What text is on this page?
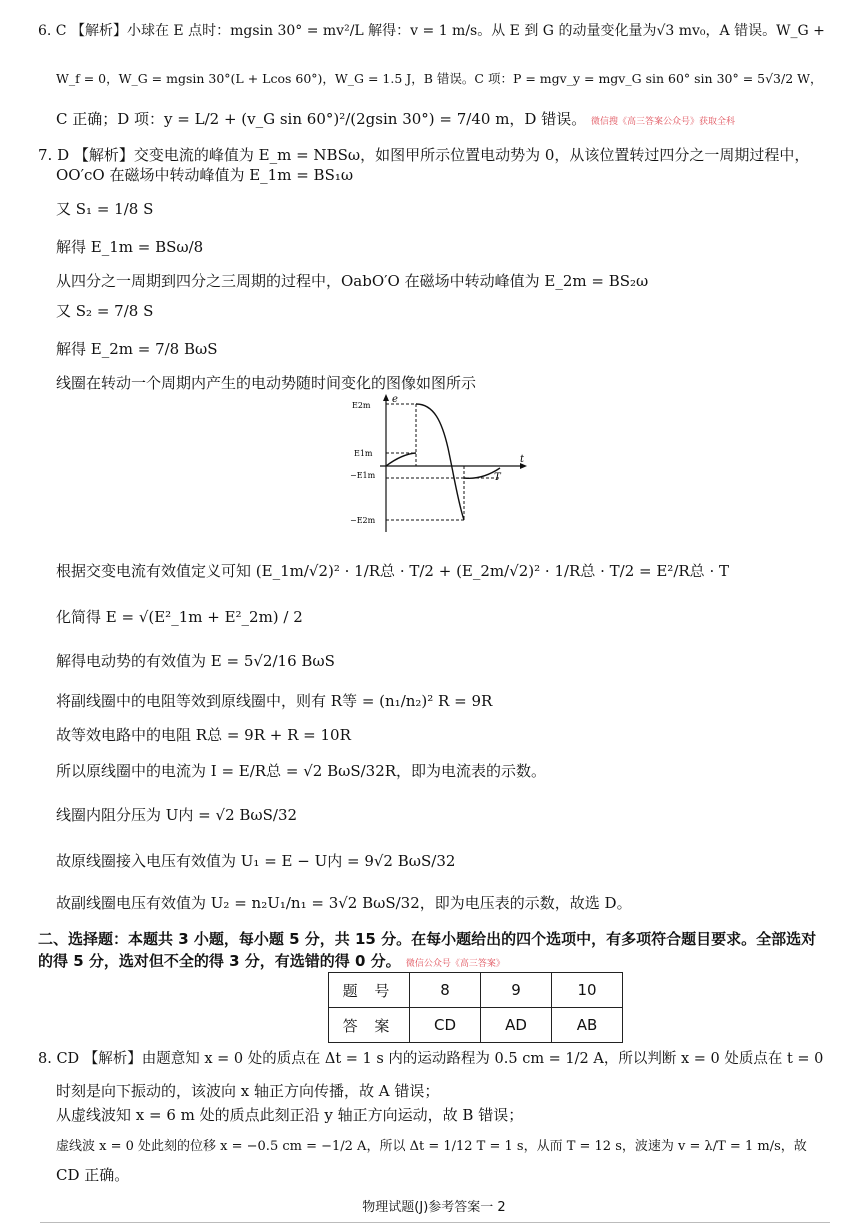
6. C 【解析】小球在 E 点时：mgsin 30° = mv²/L 解得：v = 1 m/s。从 E 到 G 的动量变化量为√3 mv₀，A 错误。W_G +
W_f = 0，W_G = mgsin 30°(L + Lcos 60°)，W_G = 1.5 J，B 错误。C 项：P = mgv_y = mgv_G sin 60° sin 30° = 5√3/2 W，
C 正确；D 项：y = L/2 + (v_G sin 60°)²/(2gsin 30°) = 7/40 m，D 错误。 微信搜《高三答案公众号》获取全科
7. D 【解析】交变电流的峰值为 E_m = NBSω，如图甲所示位置电动势为 0，从该位置转过四分之一周期过程中，
OO′cO 在磁场中转动峰值为 E_1m = BS₁ω
又 S₁ = 1/8 S
解得 E_1m = BSω/8
从四分之一周期到四分之三周期的过程中，OabO′O 在磁场中转动峰值为 E_2m = BS₂ω
又 S₂ = 7/8 S
解得 E_2m = 7/8 BωS
线圈在转动一个周期内产生的电动势随时间变化的图像如图所示
e
t
T
E2m
E1m
−E1m
−E2m
根据交变电流有效值定义可知 (E_1m/√2)² · 1/R总 · T/2 + (E_2m/√2)² · 1/R总 · T/2 = E²/R总 · T
化简得 E = √(E²_1m + E²_2m) / 2
解得电动势的有效值为 E = 5√2/16 BωS
将副线圈中的电阻等效到原线圈中，则有 R等 = (n₁/n₂)² R = 9R
故等效电路中的电阻 R总 = 9R + R = 10R
所以原线圈中的电流为 I = E/R总 = √2 BωS/32R，即为电流表的示数。
线圈内阻分压为 U内 = √2 BωS/32
故原线圈接入电压有效值为 U₁ = E − U内 = 9√2 BωS/32
故副线圈电压有效值为 U₂ = n₂U₁/n₁ = 3√2 BωS/32，即为电压表的示数，故选 D。
二、选择题：本题共 3 小题，每小题 5 分，共 15 分。在每小题给出的四个选项中，有多项符合题目要求。全部选对
的得 5 分，选对但不全的得 3 分，有选错的得 0 分。 微信公众号《高三答案》
题 号	8	9	10
答 案	CD	AD	AB
8. CD 【解析】由题意知 x = 0 处的质点在 Δt = 1 s 内的运动路程为 0.5 cm = 1/2 A，所以判断 x = 0 处质点在 t = 0
时刻是向下振动的，该波向 x 轴正方向传播，故 A 错误；
从虚线波知 x = 6 m 处的质点此刻正沿 y 轴正方向运动，故 B 错误；
虚线波 x = 0 处此刻的位移 x = −0.5 cm = −1/2 A，所以 Δt = 1/12 T = 1 s，从而 T = 12 s，波速为 v = λ/T = 1 m/s，故
CD 正确。
物理试题(J)参考答案一 2
